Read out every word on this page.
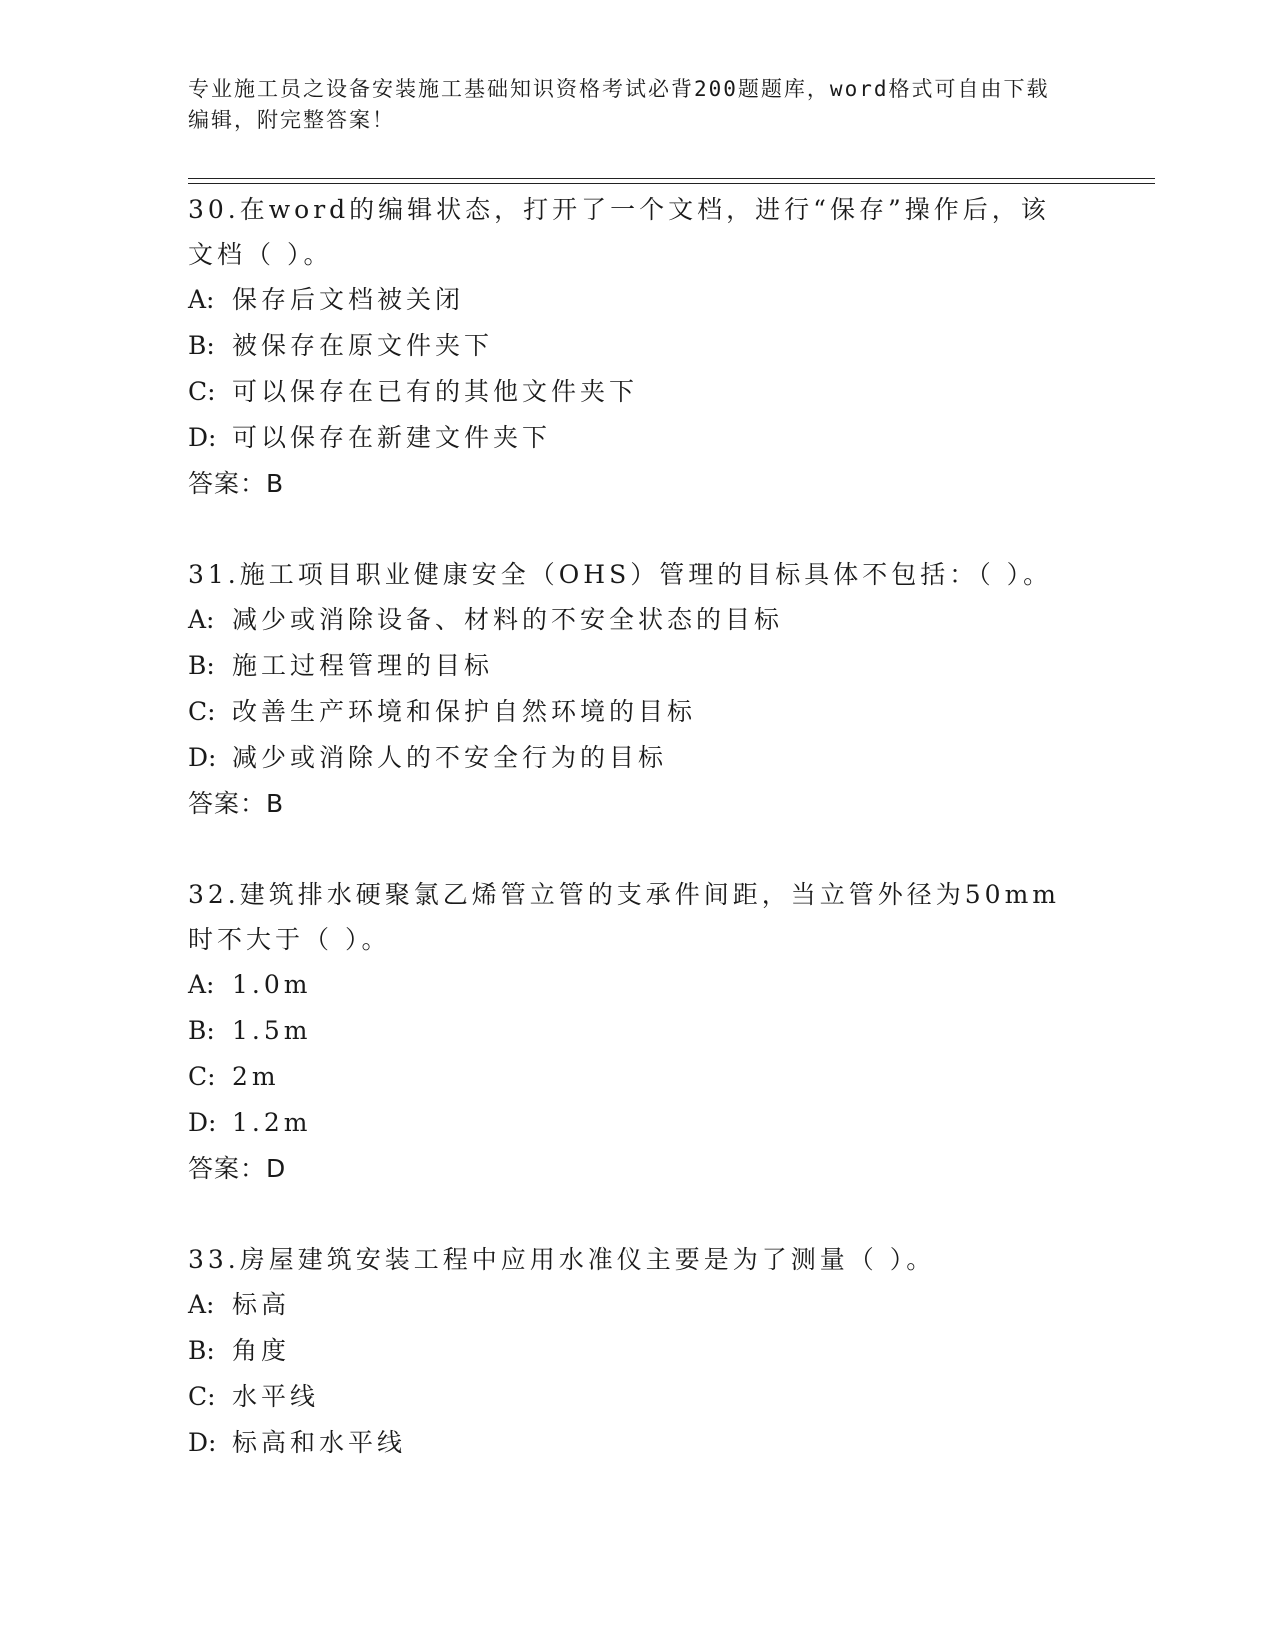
专业施工员之设备安装施工基础知识资格考试必背200题题库，word格式可自由下载编辑，附完整答案！

30.在word的编辑状态，打开了一个文档，进行“保存”操作后，该文档（ ）。

A: 保存后文档被关闭

B: 被保存在原文件夹下

C: 可以保存在已有的其他文件夹下

D: 可以保存在新建文件夹下

答案：B

31.施工项目职业健康安全（OHS）管理的目标具体不包括：（ ）。

A: 减少或消除设备、材料的不安全状态的目标

B: 施工过程管理的目标

C: 改善生产环境和保护自然环境的目标

D: 减少或消除人的不安全行为的目标

答案：B

32.建筑排水硬聚氯乙烯管立管的支承件间距，当立管外径为50mm时不大于（ ）。

A: 1.0m

B: 1.5m

C: 2m

D: 1.2m

答案：D

33.房屋建筑安装工程中应用水准仪主要是为了测量（ ）。

A: 标高

B: 角度

C: 水平线

D: 标高和水平线
